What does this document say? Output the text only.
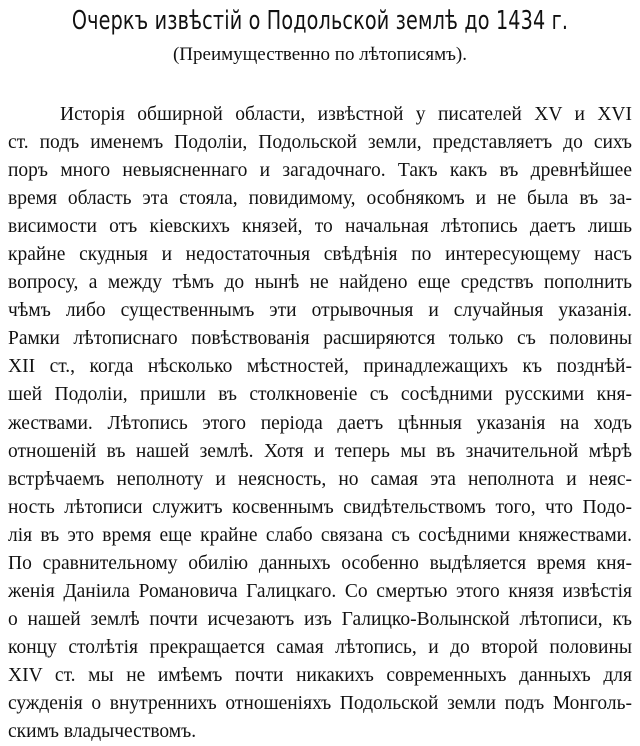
Очеркъ извѣстiй о Подольской землѣ до 1434 г.

(Преимущественно по лѣтописямъ).

Исторiя обширной области, извѣстной у писателей XV и XVI
ст. подъ именемъ Подолiи, Подольской земли, представляетъ до сихъ
поръ много невыясненнаго и загадочнаго. Такъ какъ въ древнѣйшее
время область эта стояла, повидимому, особнякомъ и не была въ за-
висимости отъ кiевскихъ князей, то начальная лѣтопись даетъ лишь
крайне скудныя и недостаточныя свѣдѣнiя по интересующему насъ
вопросу, а между тѣмъ до нынѣ не найдено еще средствъ пополнить
чѣмъ либо существеннымъ эти отрывочныя и случайныя указанiя.
Рамки лѣтописнаго повѣствованiя расширяются только съ половины
XII ст., когда нѣсколько мѣстностей, принадлежащихъ къ позднѣй-
шей Подолiи, пришли въ столкновенiе съ сосѣдними русскими кня-
жествами. Лѣтопись этого перiода даетъ цѣнныя указанiя на ходъ
отношенiй въ нашей землѣ. Хотя и теперь мы въ значительной мѣрѣ
встрѣчаемъ неполноту и неясность, но самая эта неполнота и неяс-
ность лѣтописи служитъ косвеннымъ свидѣтельствомъ того, что Подо-
лiя въ это время еще крайне слабо связана съ сосѣдними княжествами.
По сравнительному обилiю данныхъ особенно выдѣляется время кня-
женiя Данiила Романовича Галицкаго. Со смертью этого князя извѣстiя
о нашей землѣ почти исчезаютъ изъ Галицко-Волынской лѣтописи, къ
концу столѣтiя прекращается самая лѣтопись, и до второй половины
XIV ст. мы не имѣемъ почти никакихъ современныхъ данныхъ для
сужденiя о внутреннихъ отношенiяхъ Подольской земли подъ Монголь-
скимъ владычествомъ.
